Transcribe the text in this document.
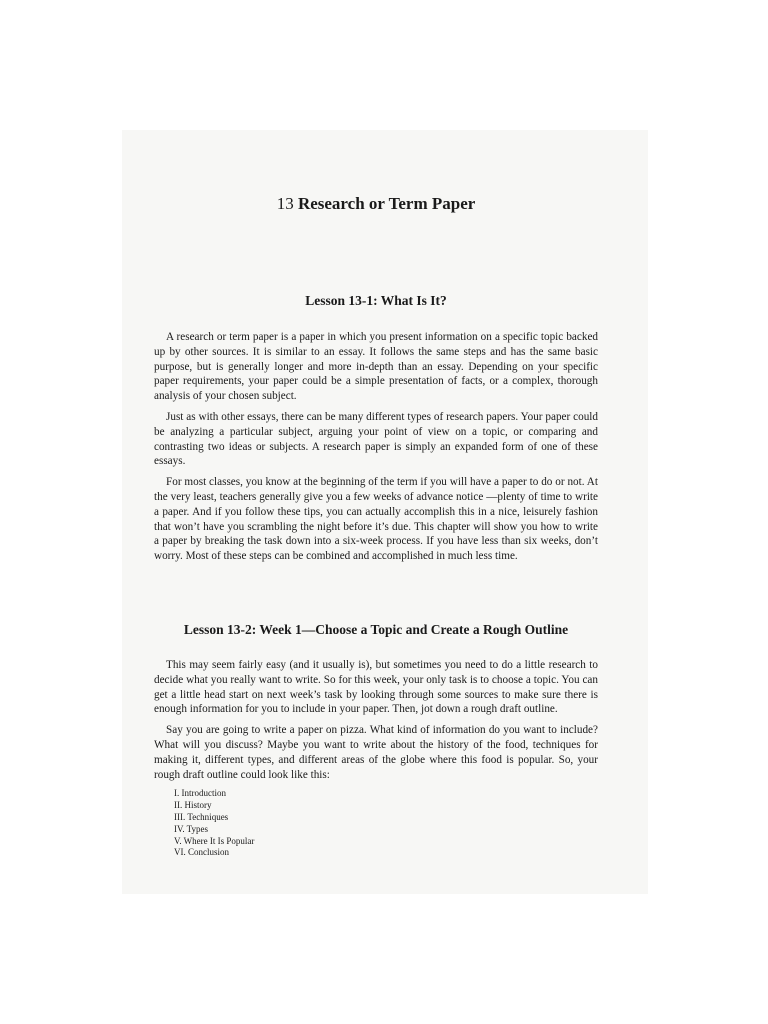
13 Research or Term Paper
Lesson 13-1: What Is It?

A research or term paper is a paper in which you present information on a specific topic backed up by other sources. It is similar to an essay. It follows the same steps and has the same basic purpose, but is generally longer and more in-depth than an essay. Depending on your specific paper requirements, your paper could be a simple presentation of facts, or a complex, thorough analysis of your chosen subject.

Just as with other essays, there can be many different types of research papers. Your paper could be analyzing a particular subject, arguing your point of view on a topic, or comparing and contrasting two ideas or subjects. A research paper is simply an expanded form of one of these essays.

For most classes, you know at the beginning of the term if you will have a paper to do or not. At the very least, teachers generally give you a few weeks of advance notice —plenty of time to write a paper. And if you follow these tips, you can actually accomplish this in a nice, leisurely fashion that won’t have you scrambling the night before it’s due. This chapter will show you how to write a paper by breaking the task down into a six-week process. If you have less than six weeks, don’t worry. Most of these steps can be combined and accomplished in much less time.

Lesson 13-2: Week 1—Choose a Topic and Create a Rough Outline

This may seem fairly easy (and it usually is), but sometimes you need to do a little research to decide what you really want to write. So for this week, your only task is to choose a topic. You can get a little head start on next week’s task by looking through some sources to make sure there is enough information for you to include in your paper. Then, jot down a rough draft outline.

Say you are going to write a paper on pizza. What kind of information do you want to include? What will you discuss? Maybe you want to write about the history of the food, techniques for making it, different types, and different areas of the globe where this food is popular. So, your rough draft outline could look like this:

I. Introduction
II. History
III. Techniques
IV. Types
V. Where It Is Popular
VI. Conclusion
